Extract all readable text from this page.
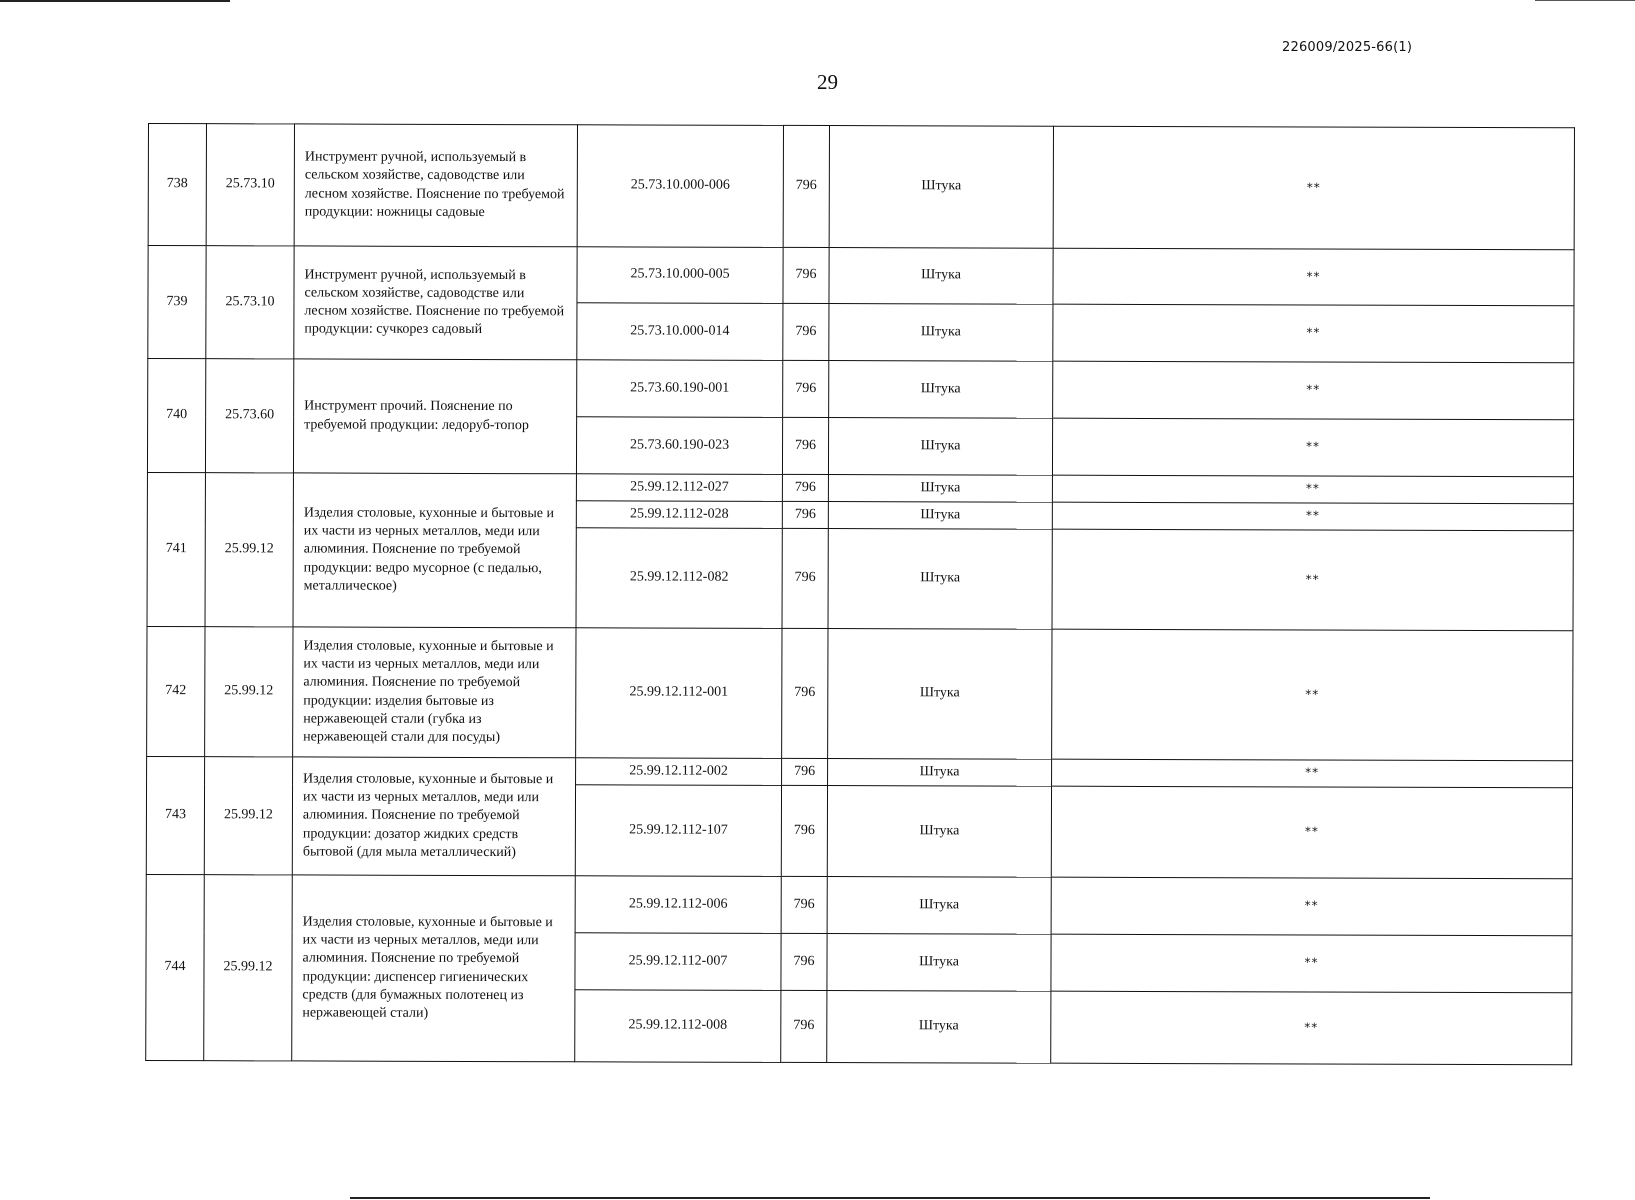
226009/2025-66(1)
29
738	25.73.10	Инструмент ручной, используемый в сельском хозяйстве, садоводстве или лесном хозяйстве. Пояснение по требуемой продукции: ножницы садовые	25.73.10.000-006	796	Штука	**
739	25.73.10	Инструмент ручной, используемый в сельском хозяйстве, садоводстве или лесном хозяйстве. Пояснение по требуемой продукции: сучкорез садовый	25.73.10.000-005	796	Штука	**
			25.73.10.000-014	796	Штука	**
740	25.73.60	Инструмент прочий. Пояснение по требуемой продукции: ледоруб-топор	25.73.60.190-001	796	Штука	**
			25.73.60.190-023	796	Штука	**
741	25.99.12	Изделия столовые, кухонные и бытовые и их части из черных металлов, меди или алюминия. Пояснение по требуемой продукции: ведро мусорное (с педалью, металлическое)	25.99.12.112-027	796	Штука	**
			25.99.12.112-028	796	Штука	**
			25.99.12.112-082	796	Штука	**
742	25.99.12	Изделия столовые, кухонные и бытовые и их части из черных металлов, меди или алюминия. Пояснение по требуемой продукции: изделия бытовые из нержавеющей стали (губка из нержавеющей стали для посуды)	25.99.12.112-001	796	Штука	**
743	25.99.12	Изделия столовые, кухонные и бытовые и их части из черных металлов, меди или алюминия. Пояснение по требуемой продукции: дозатор жидких средств бытовой (для мыла металлический)	25.99.12.112-002	796	Штука	**
			25.99.12.112-107	796	Штука	**
744	25.99.12	Изделия столовые, кухонные и бытовые и их части из черных металлов, меди или алюминия. Пояснение по требуемой продукции: диспенсер гигиенических средств (для бумажных полотенец из нержавеющей стали)	25.99.12.112-006	796	Штука	**
			25.99.12.112-007	796	Штука	**
			25.99.12.112-008	796	Штука	**
